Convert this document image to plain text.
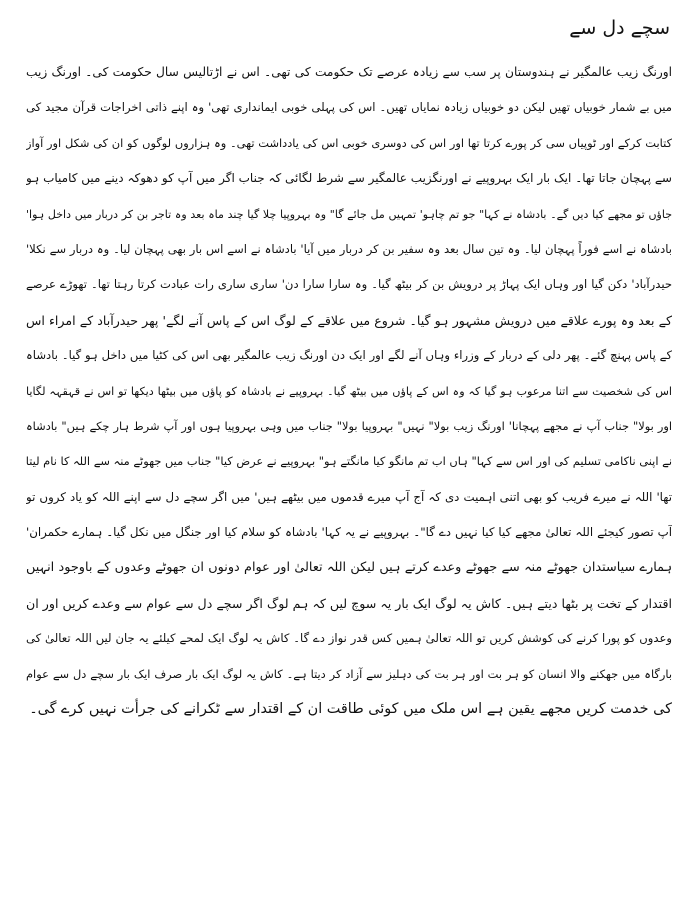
سچے دل سے
اورنگ زیب عالمگیر نے ہندوستان پر سب سے زیادہ عرصے تک حکومت کی تھی۔ اس نے اڑتالیس سال حکومت کی۔ اورنگ زیب
میں بے شمار خوبیاں تھیں لیکن دو خوبیاں زیادہ نمایاں تھیں۔ اس کی پہلی خوبی ایمانداری تھی' وہ اپنے ذاتی اخراجات قرآن مجید کی
کتابت کرکے اور ٹوپیاں سی کر پورے کرتا تھا اور اس کی دوسری خوبی اس کی یادداشت تھی۔ وہ ہزاروں لوگوں کو ان کی شکل اور آواز
سے پہچان جاتا تھا۔ ایک بار ایک بہروپیے نے اورنگزیب عالمگیر سے شرط لگائی کہ جناب اگر میں آپ کو دھوکہ دینے میں کامیاب ہو
جاؤں تو مجھے کیا دیں گے۔ بادشاہ نے کہا" جو تم چاہو' تمہیں مل جائے گا" وہ بہروپیا چلا گیا چند ماہ بعد وہ تاجر بن کر دربار میں داخل ہوا'
بادشاہ نے اسے فوراً پہچان لیا۔ وہ تین سال بعد وہ سفیر بن کر دربار میں آیا' بادشاہ نے اسے اس بار بھی پہچان لیا۔ وہ دربار سے نکلا'
حیدرآباد' دکن گیا اور وہاں ایک پہاڑ پر درویش بن کر بیٹھ گیا۔ وہ سارا سارا دن' ساری ساری رات عبادت کرتا رہتا تھا۔ تھوڑے عرصے
کے بعد وہ پورے علاقے میں درویش مشہور ہو گیا۔ شروع میں علاقے کے لوگ اس کے پاس آنے لگے' پھر حیدرآباد کے امراء اس
کے پاس پہنچ گئے۔ پھر دلی کے دربار کے وزراء وہاں آنے لگے اور ایک دن اورنگ زیب عالمگیر بھی اس کی کٹیا میں داخل ہو گیا۔ بادشاہ
اس کی شخصیت سے اتنا مرعوب ہو گیا کہ وہ اس کے پاؤں میں بیٹھ گیا۔ بہروپیے نے بادشاہ کو پاؤں میں بیٹھا دیکھا تو اس نے قہقہہ لگایا
اور بولا" جناب آپ نے مجھے پہچانا' اورنگ زیب بولا" نہیں" بہروپیا بولا" جناب میں وہی بہروپیا ہوں اور آپ شرط ہار چکے ہیں" بادشاہ
نے اپنی ناکامی تسلیم کی اور اس سے کہا" ہاں اب تم مانگو کیا مانگتے ہو" بہروپیے نے عرض کیا" جناب میں جھوٹے منہ سے اللہ کا نام لیتا
تھا' اللہ نے میرے فریب کو بھی اتنی اہمیت دی کہ آج آپ میرے قدموں میں بیٹھے ہیں' میں اگر سچے دل سے اپنے اللہ کو یاد کروں تو
آپ تصور کیجئے اللہ تعالیٰ مجھے کیا کیا نہیں دے گا"۔ بہروپیے نے یہ کہا' بادشاہ کو سلام کیا اور جنگل میں نکل گیا۔ ہمارے حکمران'
ہمارے سیاستدان جھوٹے منہ سے جھوٹے وعدے کرتے ہیں لیکن اللہ تعالیٰ اور عوام دونوں ان جھوٹے وعدوں کے باوجود انہیں
اقتدار کے تخت پر بٹھا دیتے ہیں۔ کاش یہ لوگ ایک بار یہ سوچ لیں کہ ہم لوگ اگر سچے دل سے عوام سے وعدے کریں اور ان
وعدوں کو پورا کرنے کی کوشش کریں تو اللہ تعالیٰ ہمیں کس قدر نواز دے گا۔ کاش یہ لوگ ایک لمحے کیلئے یہ جان لیں اللہ تعالیٰ کی
بارگاہ میں جھکنے والا انسان کو ہر بت اور ہر بت کی دہلیز سے آزاد کر دیتا ہے۔ کاش یہ لوگ ایک بار صرف ایک بار سچے دل سے عوام
کی خدمت کریں مجھے یقین ہے اس ملک میں کوئی طاقت ان کے اقتدار سے ٹکرانے کی جرأت نہیں کرے گی۔
